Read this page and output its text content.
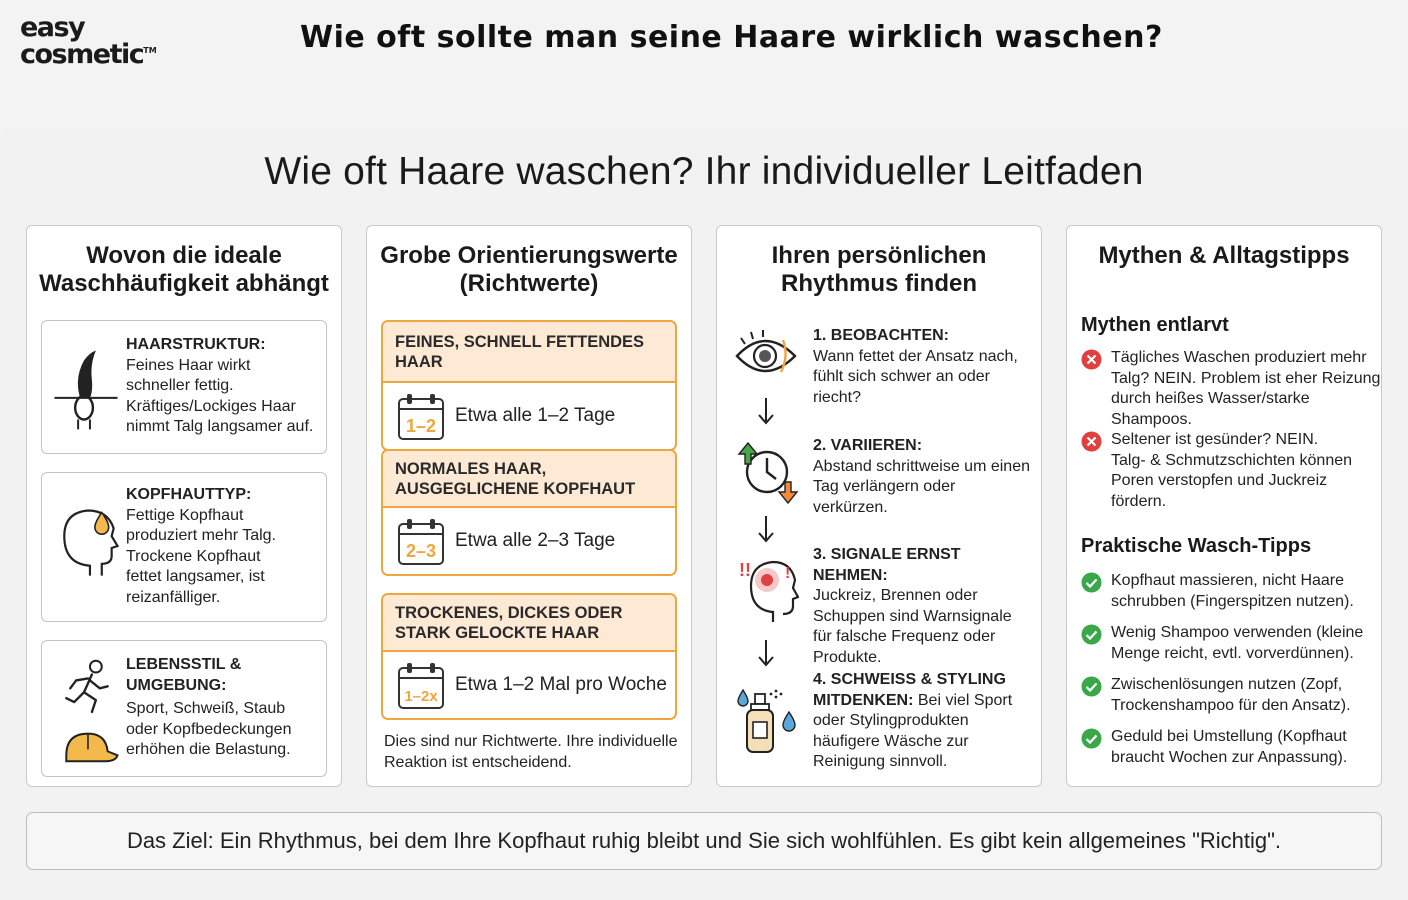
easy
cosmetic™	Wie oft sollte man seine Haare wirklich waschen?
Wie oft Haare waschen? Ihr individueller Leitfaden
Wovon die ideale
Waschhäufigkeit abhängt
HAARSTRUKTUR:
Feines Haar wirkt
schneller fettig.
Kräftiges/Lockiges Haar
nimmt Talg langsamer auf.
KOPFHAUTTYP:
Fettige Kopfhaut
produziert mehr Talg.
Trockene Kopfhaut
fettet langsamer, ist
reizanfälliger.
LEBENSSTIL &
UMGEBUNG:
Sport, Schweiß, Staub
oder Kopfbedeckungen
erhöhen die Belastung.
Grobe Orientierungswerte
(Richtwerte)
FEINES, SCHNELL FETTENDES HAAR
1–2 Etwa alle 1–2 Tage
NORMALES HAAR,
AUSGEGLICHENE KOPFHAUT
2–3 Etwa alle 2–3 Tage
TROCKENES, DICKES ODER
STARK GELOCKTE HAAR
1–2x
Etwa 1–2 Mal pro Woche
Dies sind nur Richtwerte. Ihre individuelle
Reaktion ist entscheidend.
Ihren persönlichen
Rhythmus finden
1. BEOBACHTEN:
Wann fettet der Ansatz nach,
fühlt sich schwer an oder
riecht?
2. VARIIEREN:
Abstand schrittweise um einen
Tag verlängern oder
verkürzen.
!! !
3. SIGNALE ERNST NEHMEN:
Juckreiz, Brennen oder
Schuppen sind Warnsignale
für falsche Frequenz oder
Produkte.
4. SCHWEISS & STYLING
MITDENKEN: Bei viel Sport
oder Stylingprodukten
häufigere Wäsche zur
Reinigung sinnvoll.
Mythen & Alltagstipps
Mythen entlarvt
Tägliches Waschen produziert mehr
Talg? NEIN. Problem ist eher Reizung
durch heißes Wasser/starke
Shampoos.
Seltener ist gesünder? NEIN.
Talg- & Schmutzschichten können
Poren verstopfen und Juckreiz
fördern.
Praktische Wasch-Tipps
Kopfhaut massieren, nicht Haare
schrubben (Fingerspitzen nutzen).
Wenig Shampoo verwenden (kleine
Menge reicht, evtl. vorverdünnen).
Zwischenlösungen nutzen (Zopf,
Trockenshampoo für den Ansatz).
Geduld bei Umstellung (Kopfhaut
braucht Wochen zur Anpassung).
Das Ziel: Ein Rhythmus, bei dem Ihre Kopfhaut ruhig bleibt und Sie sich wohlfühlen. Es gibt kein allgemeines "Richtig".
